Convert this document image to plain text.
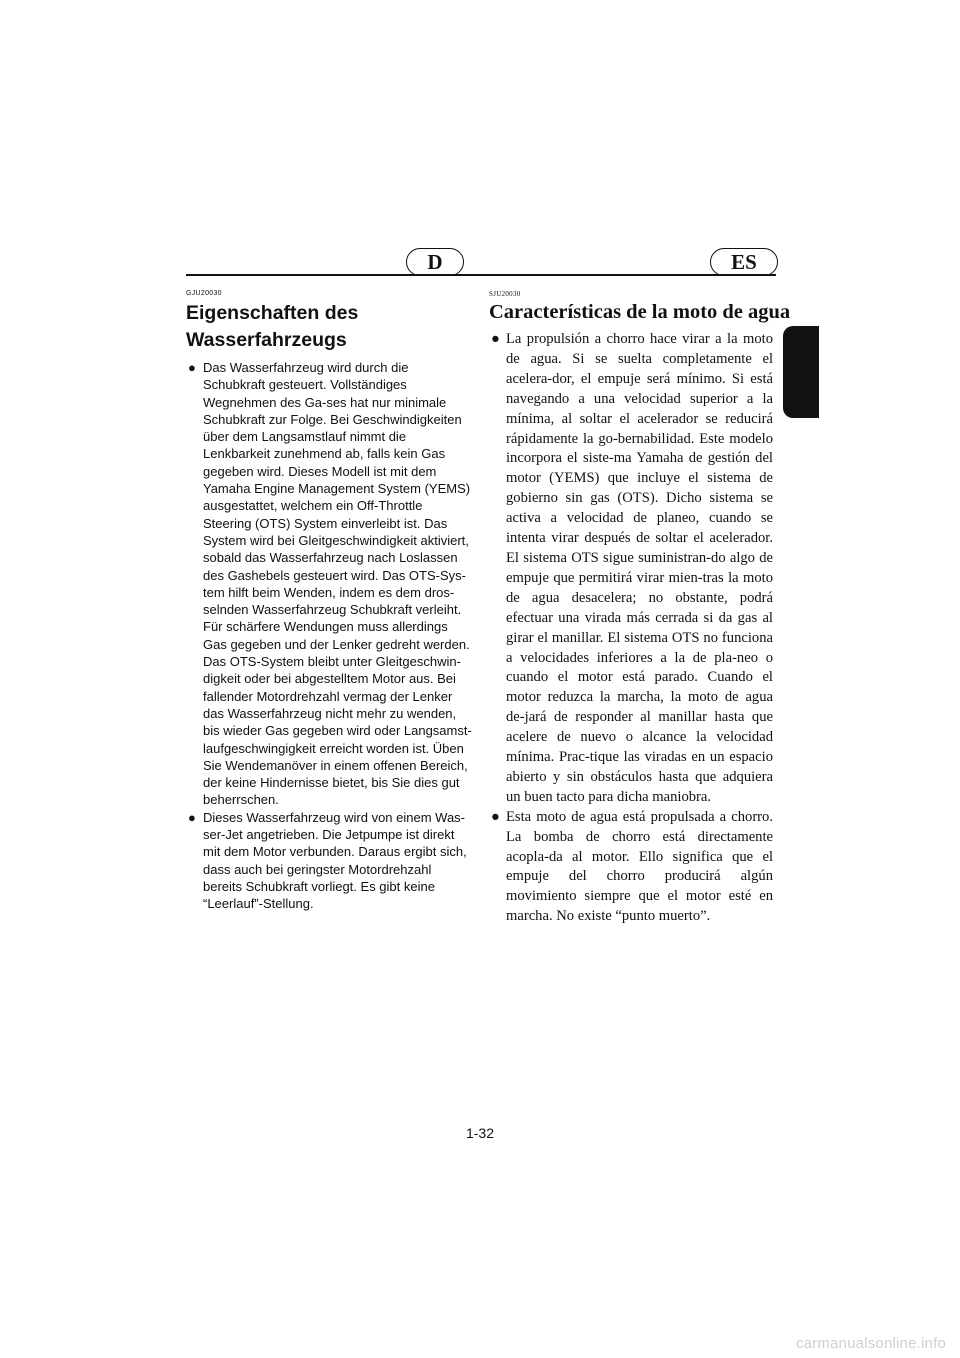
D	ES
GJU20030
Eigenschaften des
Wasserfahrzeugs
● Das Wasserfahrzeug wird durch die Schubkraft gesteuert. Vollständiges Wegnehmen des Ga-ses hat nur minimale Schubkraft zur Folge. Bei Geschwindigkeiten über dem Langsamstlauf nimmt die Lenkbarkeit zunehmend ab, falls kein Gas gegeben wird. Dieses Modell ist mit dem Yamaha Engine Management System (YEMS) ausgestattet, welchem ein Off-Throttle Steering (OTS) System einverleibt ist. Das System wird bei Gleitgeschwindigkeit aktiviert, sobald das Wasserfahrzeug nach Loslassen des Gashebels gesteuert wird. Das OTS-Sys-tem hilft beim Wenden, indem es dem dros-selnden Wasserfahrzeug Schubkraft verleiht. Für schärfere Wendungen muss allerdings Gas gegeben und der Lenker gedreht werden. Das OTS-System bleibt unter Gleitgeschwin-digkeit oder bei abgestelltem Motor aus. Bei fallender Motordrehzahl vermag der Lenker das Wasserfahrzeug nicht mehr zu wenden, bis wieder Gas gegeben wird oder Langsamst-laufgeschwingigkeit erreicht worden ist. Üben Sie Wendemanöver in einem offenen Bereich, der keine Hindernisse bietet, bis Sie dies gut beherrschen.

● Dieses Wasserfahrzeug wird von einem Was-ser-Jet angetrieben. Die Jetpumpe ist direkt mit dem Motor verbunden. Daraus ergibt sich, dass auch bei geringster Motordrehzahl bereits Schubkraft vorliegt. Es gibt keine “Leerlauf”-Stellung.

SJU20030
Características de la moto de agua
● La propulsión a chorro hace virar a la moto de agua. Si se suelta completamente el acelera-dor, el empuje será mínimo. Si está navegando a una velocidad superior a la mínima, al soltar el acelerador se reducirá rápidamente la go-bernabilidad. Este modelo incorpora el siste-ma Yamaha de gestión del motor (YEMS) que incluye el sistema de gobierno sin gas (OTS). Dicho sistema se activa a velocidad de planeo, cuando se intenta virar después de soltar el acelerador. El sistema OTS sigue suministran-do algo de empuje que permitirá virar mien-tras la moto de agua desacelera; no obstante, podrá efectuar una virada más cerrada si da gas al girar el manillar. El sistema OTS no funciona a velocidades inferiores a la de pla-neo o cuando el motor está parado. Cuando el motor reduzca la marcha, la moto de agua de-jará de responder al manillar hasta que acelere de nuevo o alcance la velocidad mínima. Prac-tique las viradas en un espacio abierto y sin obstáculos hasta que adquiera un buen tacto para dicha maniobra.

● Esta moto de agua está propulsada a chorro. La bomba de chorro está directamente acopla-da al motor. Ello significa que el empuje del chorro producirá algún movimiento siempre que el motor esté en marcha. No existe “punto muerto”.

1-32
carmanualsonline.info
